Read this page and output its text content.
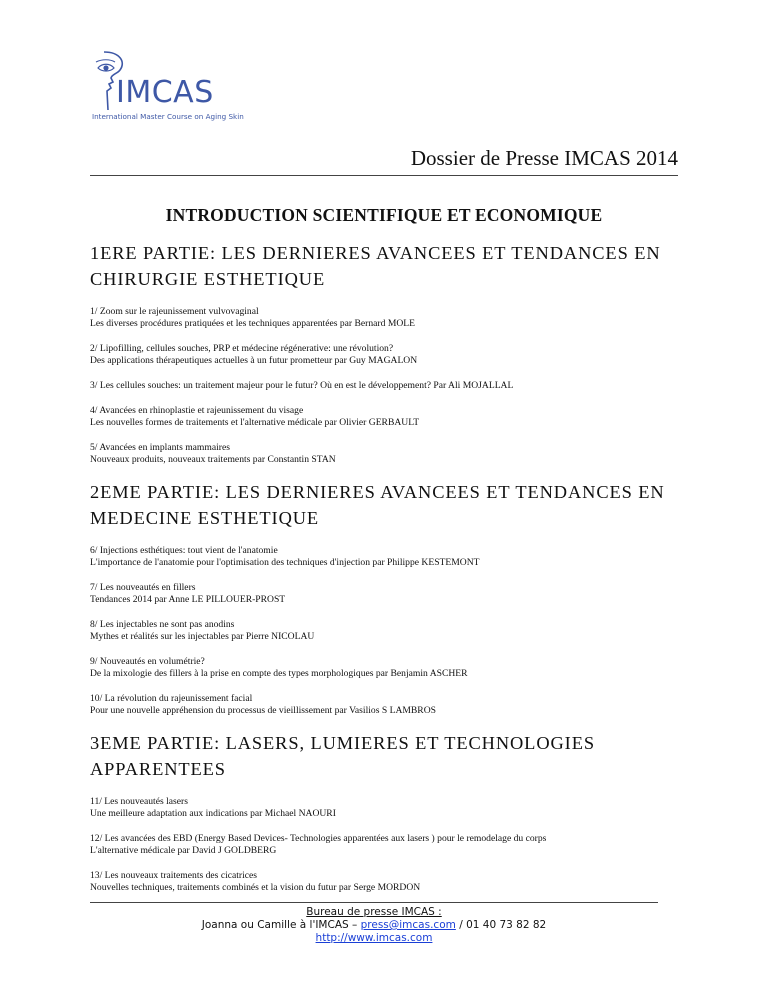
IMCAS
International Master Course on Aging Skin
Dossier de Presse IMCAS 2014
INTRODUCTION SCIENTIFIQUE ET ECONOMIQUE
1ERE PARTIE: LES DERNIERES AVANCEES ET TENDANCES EN CHIRURGIE ESTHETIQUE
1/ Zoom sur le rajeunissement vulvovaginal
Les diverses procédures pratiquées et les techniques apparentées par Bernard MOLE
2/ Lipofilling, cellules souches, PRP et médecine régénerative: une révolution?
Des applications thérapeutiques actuelles à un futur prometteur par Guy MAGALON
3/ Les cellules souches: un traitement majeur pour le futur? Où en est le développement? Par Ali MOJALLAL
4/ Avancées en rhinoplastie et rajeunissement du visage
Les nouvelles formes de traitements et l'alternative médicale par Olivier GERBAULT
5/ Avancées en implants mammaires
Nouveaux produits, nouveaux traitements par Constantin STAN
2EME PARTIE: LES DERNIERES AVANCEES ET TENDANCES EN MEDECINE ESTHETIQUE
6/ Injections esthétiques: tout vient de l'anatomie
L'importance de l'anatomie pour l'optimisation des techniques d'injection par Philippe KESTEMONT
7/ Les nouveautés en fillers
Tendances 2014 par Anne LE PILLOUER-PROST
8/ Les injectables ne sont pas anodins
Mythes et réalités sur les injectables par Pierre NICOLAU
9/ Nouveautés en volumétrie?
De la mixologie des fillers à la prise en compte des types morphologiques par Benjamin ASCHER
10/ La révolution du rajeunissement facial
Pour une nouvelle appréhension du processus de vieillissement par Vasilios S LAMBROS
3EME PARTIE: LASERS, LUMIERES ET TECHNOLOGIES APPARENTEES
11/ Les nouveautés lasers
Une meilleure adaptation aux indications par Michael NAOURI
12/ Les avancées des EBD (Energy Based Devices- Technologies apparentées aux lasers ) pour le remodelage du corps
L'alternative médicale par David J GOLDBERG
13/ Les nouveaux traitements des cicatrices
Nouvelles techniques, traitements combinés et la vision du futur par Serge MORDON
Bureau de presse IMCAS :
Joanna ou Camille à l'IMCAS – press@imcas.com / 01 40 73 82 82
http://www.imcas.com
